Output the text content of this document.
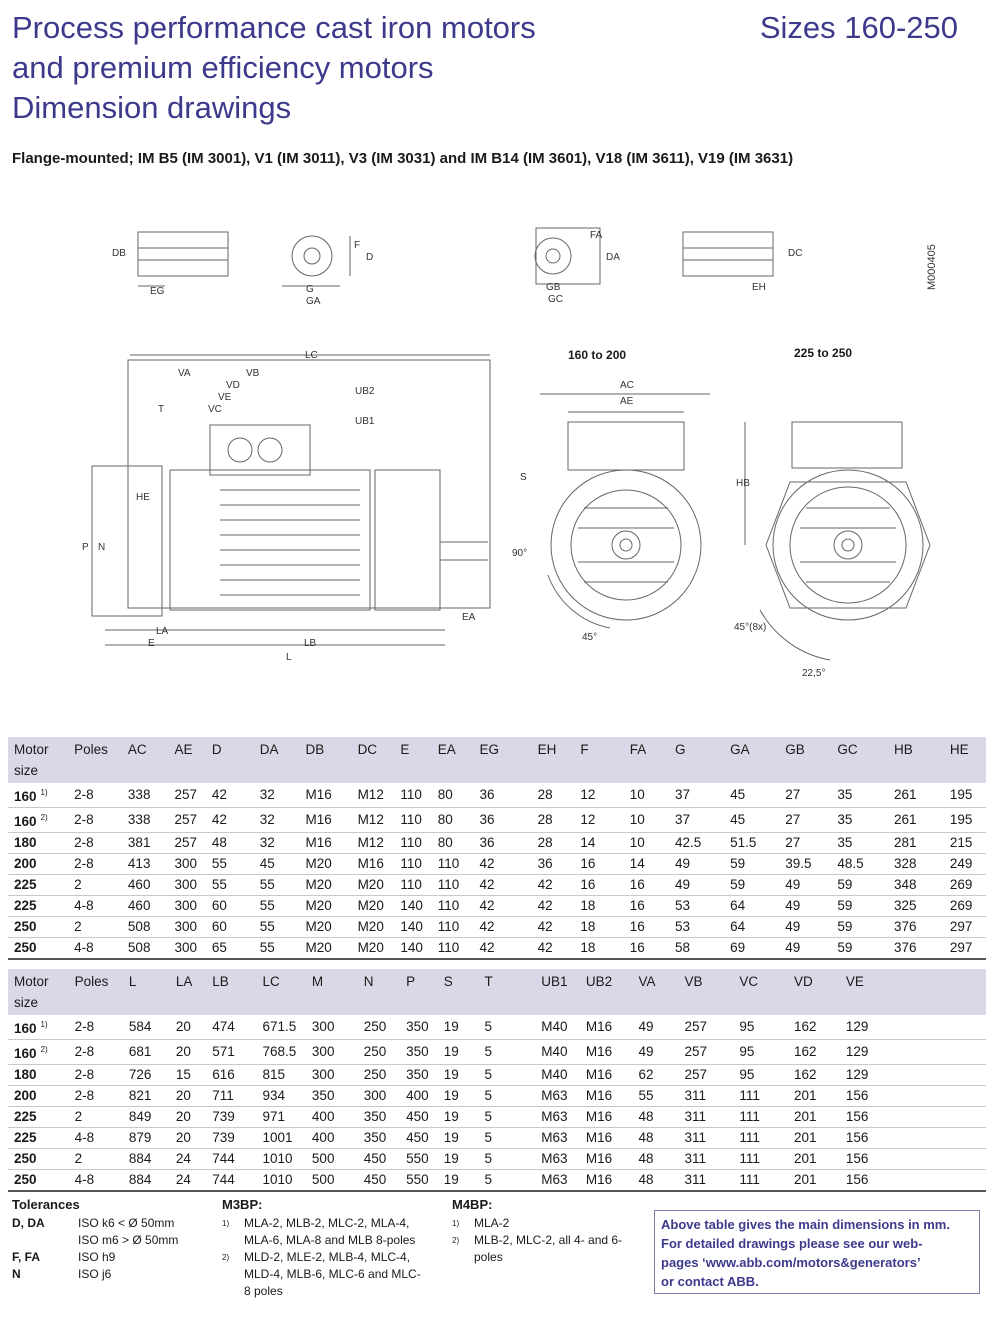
Process performance cast iron motors
and premium efficiency motors
Dimension drawings
Sizes 160-250
Flange-mounted; IM B5 (IM 3001), V1 (IM 3011), V3 (IM 3031) and IM B14 (IM 3601), V18 (IM 3611), V19 (IM 3631)
DB
EG	G
GA
F
D
FA
DA
GB
GC
DC
EH
LC
VA	VB
VD
VE
VC
UB2
UB1
T
HE
P N
EA
LA
E	LB
L
AC
AE
HB
S
90°
45°
45°(8x)
22,5°
160 to 200	225 to 250
M000405
Motor size	Poles	AC	AE	D	DA	DB	DC	E	EA	EG	EH	F	FA	G	GA	GB	GC	HB	HE
160 $^{1)}$	2-8	338	257	42	32	M16	M12	110	80	36	28	12	10	37	45	27	35	261	195
160 $^{2)}$	2-8	338	257	42	32	M16	M12	110	80	36	28	12	10	37	45	27	35	261	195
180	2-8	381	257	48	32	M16	M12	110	80	36	28	14	10	42.5	51.5	27	35	281	215
200	2-8	413	300	55	45	M20	M16	110	110	42	36	16	14	49	59	39.5	48.5	328	249
225	2	460	300	55	55	M20	M20	110	110	42	42	16	16	49	59	49	59	348	269
225	4-8	460	300	60	55	M20	M20	140	110	42	42	18	16	53	64	49	59	325	269
250	2	508	300	60	55	M20	M20	140	110	42	42	18	16	53	64	49	59	376	297
250	4-8	508	300	65	55	M20	M20	140	110	42	42	18	16	58	69	49	59	376	297
Motor size	Poles	L	LA	LB	LC	M	N	P	S	T	UB1	UB2	VA	VB	VC	VD	VE		
160 $^{1)}$	2-8	584	20	474	671.5	300	250	350	19	5	M40	M16	49	257	95	162	129		
160 $^{2)}$	2-8	681	20	571	768.5	300	250	350	19	5	M40	M16	49	257	95	162	129		
180	2-8	726	15	616	815	300	250	350	19	5	M40	M16	62	257	95	162	129		
200	2-8	821	20	711	934	350	300	400	19	5	M63	M16	55	311	111	201	156		
225	2	849	20	739	971	400	350	450	19	5	M63	M16	48	311	111	201	156		
225	4-8	879	20	739	1001	400	350	450	19	5	M63	M16	48	311	111	201	156		
250	2	884	24	744	1010	500	450	550	19	5	M63	M16	48	311	111	201	156		
250	4-8	884	24	744	1010	500	450	550	19	5	M63	M16	48	311	111	201	156		
Tolerances
D, DA	ISO k6 < Ø 50mm
ISO m6 > Ø 50mm
F, FA	ISO h9
N	ISO j6
M3BP:
1)	MLA-2, MLB-2, MLC-2, MLA-4, MLA-6, MLA-8 and MLB 8-poles
2)	MLD-2, MLE-2, MLB-4, MLC-4, MLD-4, MLB-6, MLC-6 and MLC-8 poles
M4BP:
1)	MLA-2
2)	MLB-2, MLC-2, all 4- and 6-poles
Above table gives the main dimensions in mm.
For detailed drawings please see our web-
pages ‘www.abb.com/motors&generators’
or contact ABB.
